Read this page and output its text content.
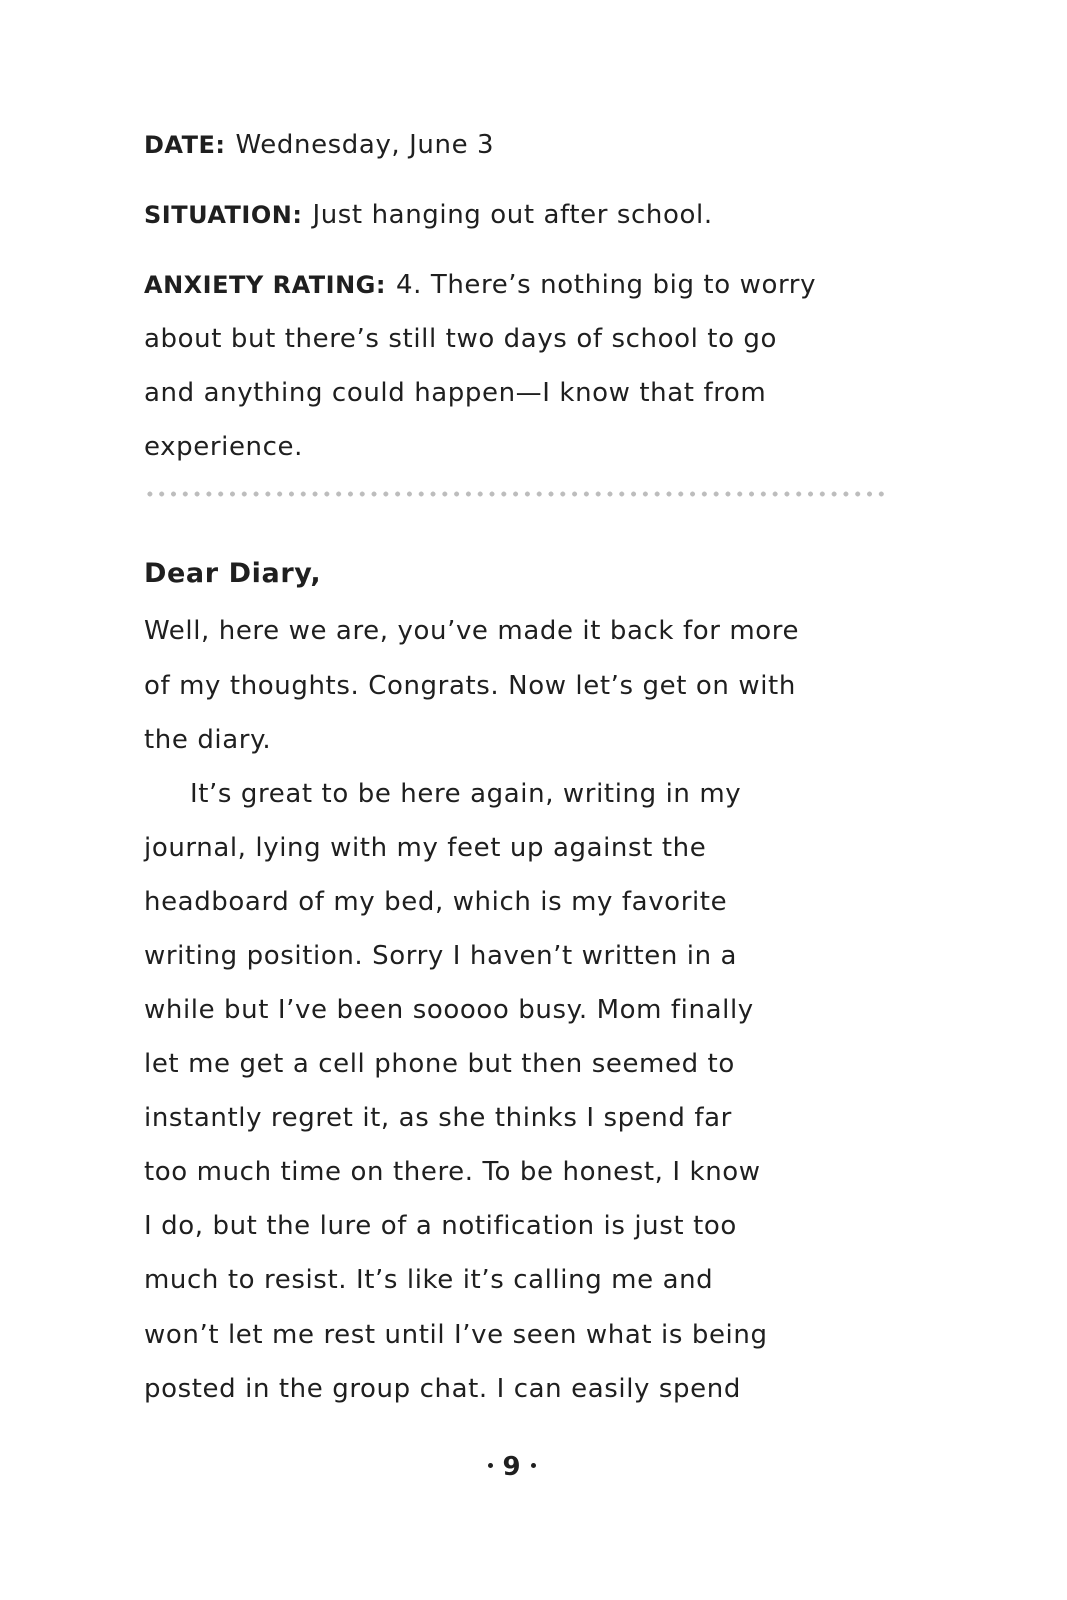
DATE: Wednesday, June 3
SITUATION: Just hanging out after school.
ANXIETY RATING: 4. There’s nothing big to worry
about but there’s still two days of school to go
and anything could happen—I know that from
experience.
Dear Diary,
Well, here we are, you’ve made it back for more
of my thoughts. Congrats. Now let’s get on with
the diary.
It’s great to be here again, writing in my
journal, lying with my feet up against the
headboard of my bed, which is my favorite
writing position. Sorry I haven’t written in a
while but I’ve been sooooo busy. Mom finally
let me get a cell phone but then seemed to
instantly regret it, as she thinks I spend far
too much time on there. To be honest, I know
I do, but the lure of a notification is just too
much to resist. It’s like it’s calling me and
won’t let me rest until I’ve seen what is being
posted in the group chat. I can easily spend
9
